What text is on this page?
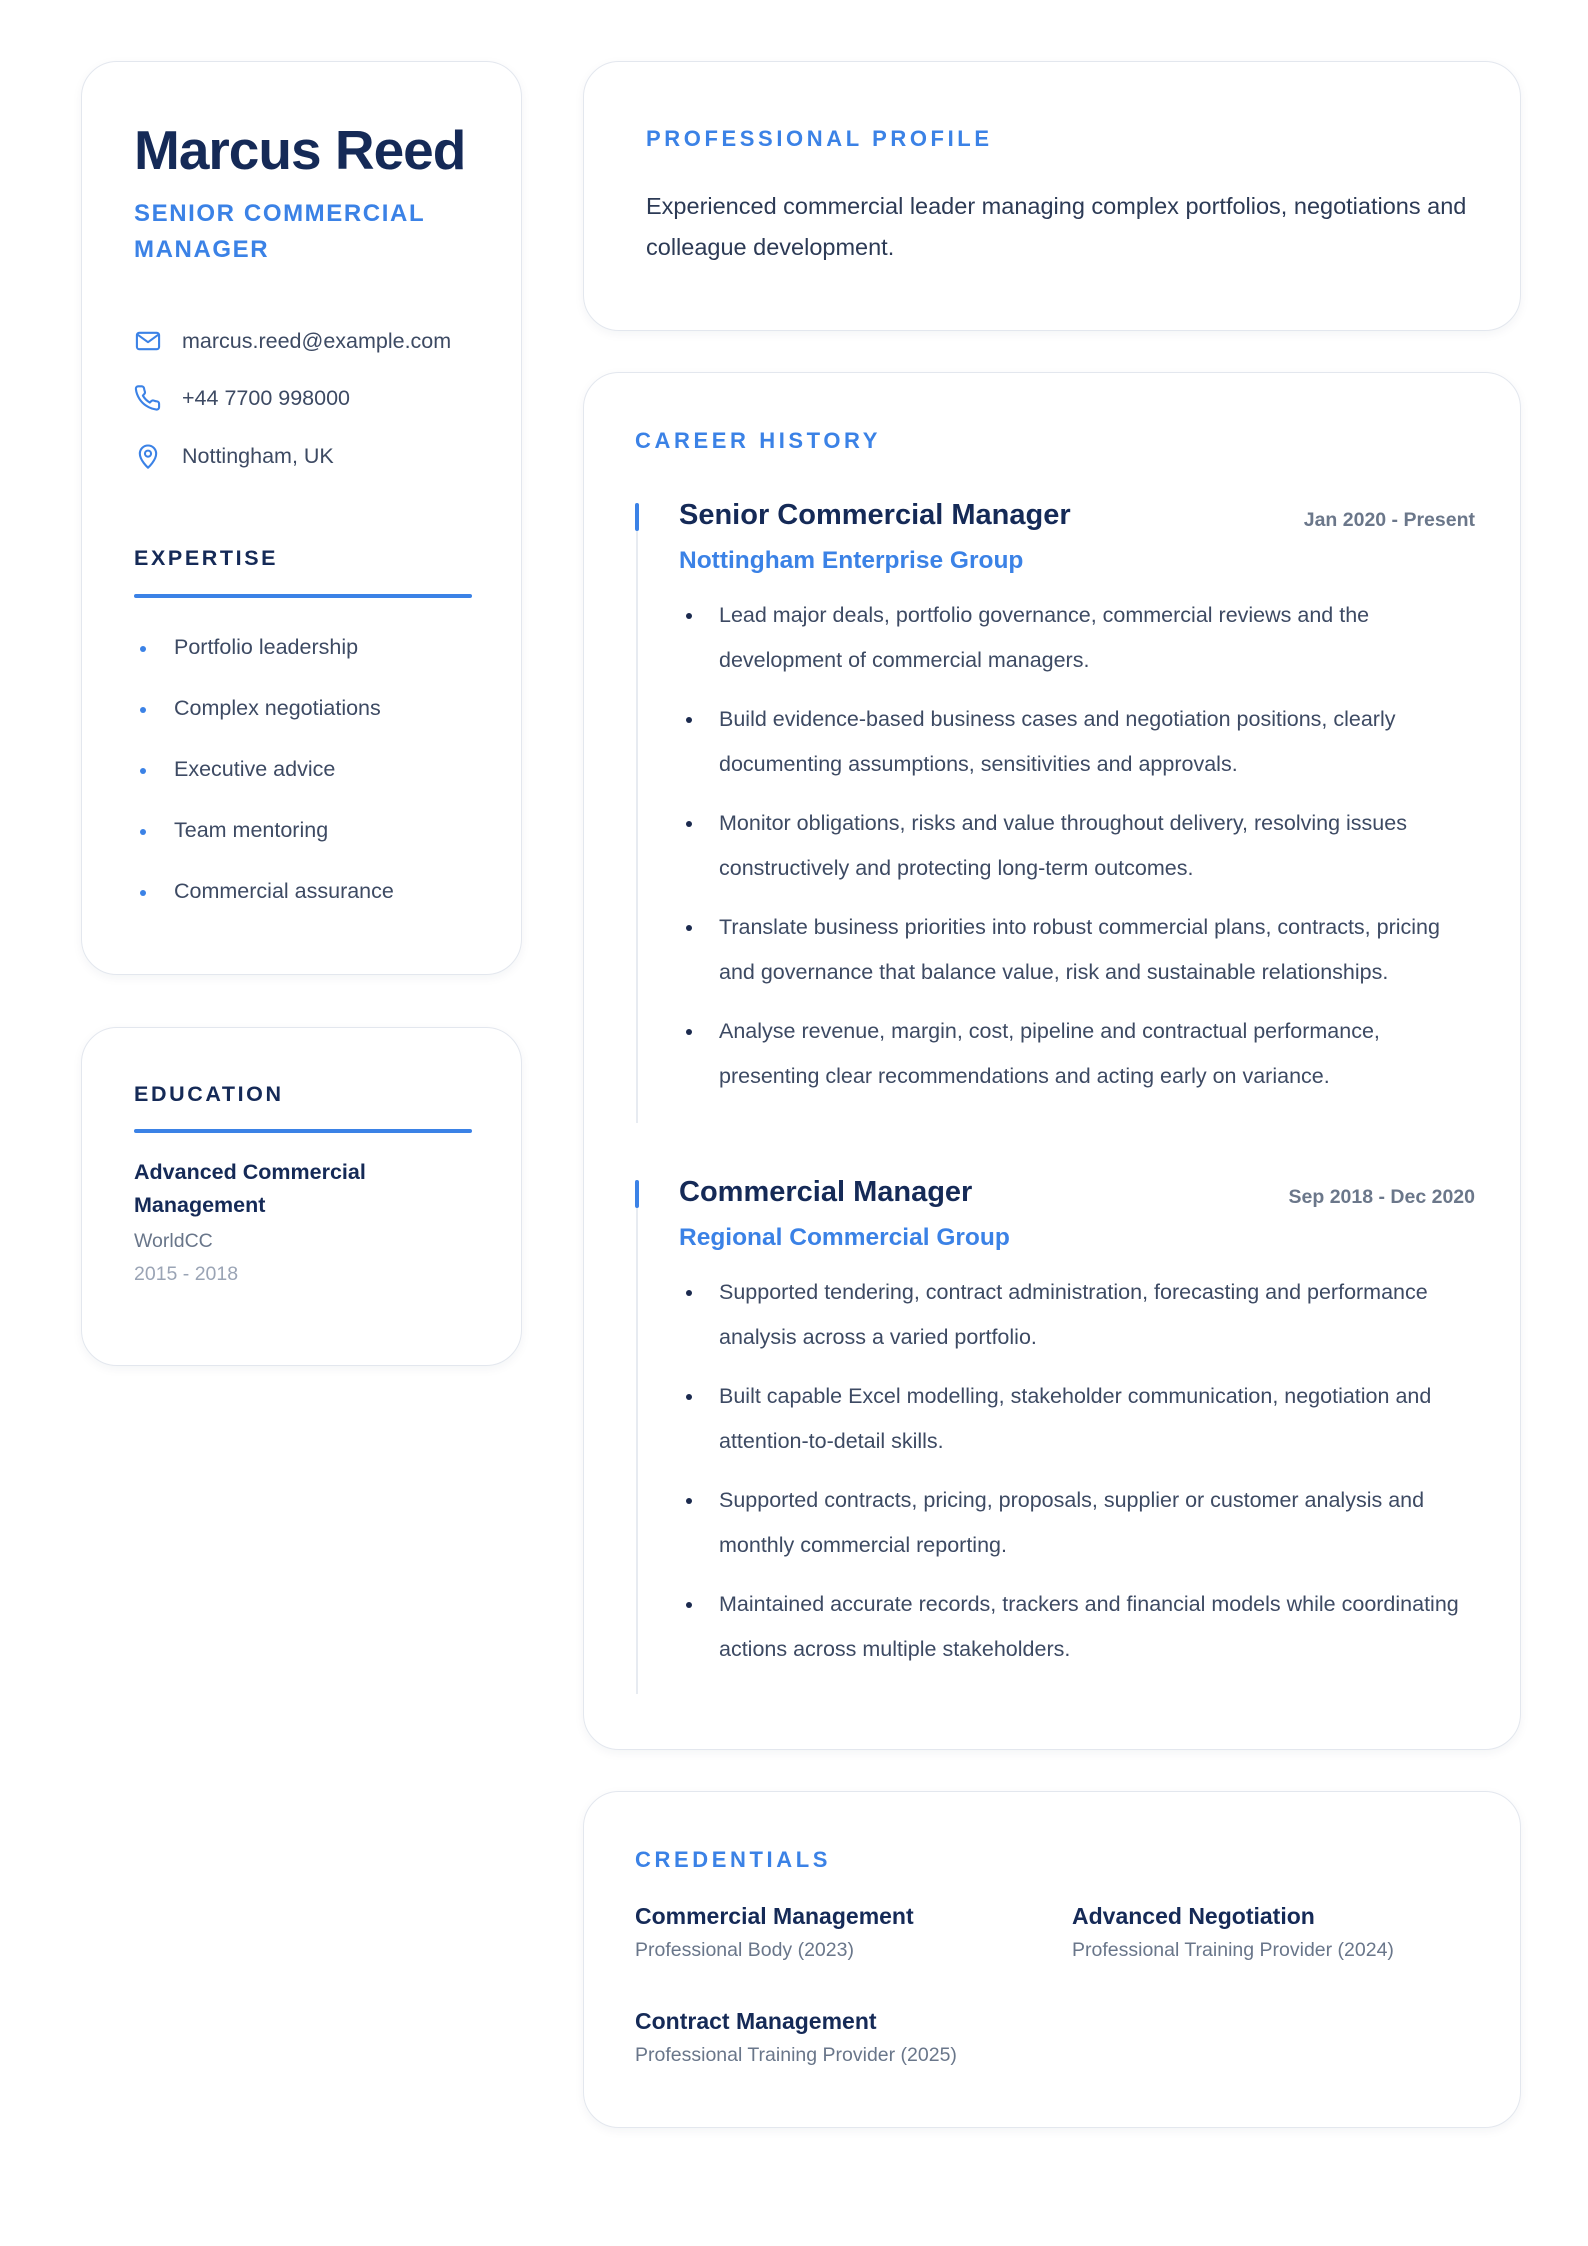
Marcus Reed
SENIOR COMMERCIAL MANAGER
marcus.reed@example.com
+44 7700 998000
Nottingham, UK
EXPERTISE
Portfolio leadership
Complex negotiations
Executive advice
Team mentoring
Commercial assurance
EDUCATION
Advanced Commercial Management
WorldCC
2015 - 2018
PROFESSIONAL PROFILE

Experienced commercial leader managing complex portfolios, negotiations and colleague development.

CAREER HISTORY
Senior Commercial Manager	Jan 2020 - Present
Nottingham Enterprise Group
Lead major deals, portfolio governance, commercial reviews and the development of commercial managers.
Build evidence-based business cases and negotiation positions, clearly documenting assumptions, sensitivities and approvals.
Monitor obligations, risks and value throughout delivery, resolving issues constructively and protecting long-term outcomes.
Translate business priorities into robust commercial plans, contracts, pricing and governance that balance value, risk and sustainable relationships.
Analyse revenue, margin, cost, pipeline and contractual performance, presenting clear recommendations and acting early on variance.
Commercial Manager	Sep 2018 - Dec 2020
Regional Commercial Group
Supported tendering, contract administration, forecasting and performance analysis across a varied portfolio.
Built capable Excel modelling, stakeholder communication, negotiation and attention-to-detail skills.
Supported contracts, pricing, proposals, supplier or customer analysis and monthly commercial reporting.
Maintained accurate records, trackers and financial models while coordinating actions across multiple stakeholders.
CREDENTIALS
Commercial Management
Professional Body (2023)
Advanced Negotiation
Professional Training Provider (2024)
Contract Management
Professional Training Provider (2025)
